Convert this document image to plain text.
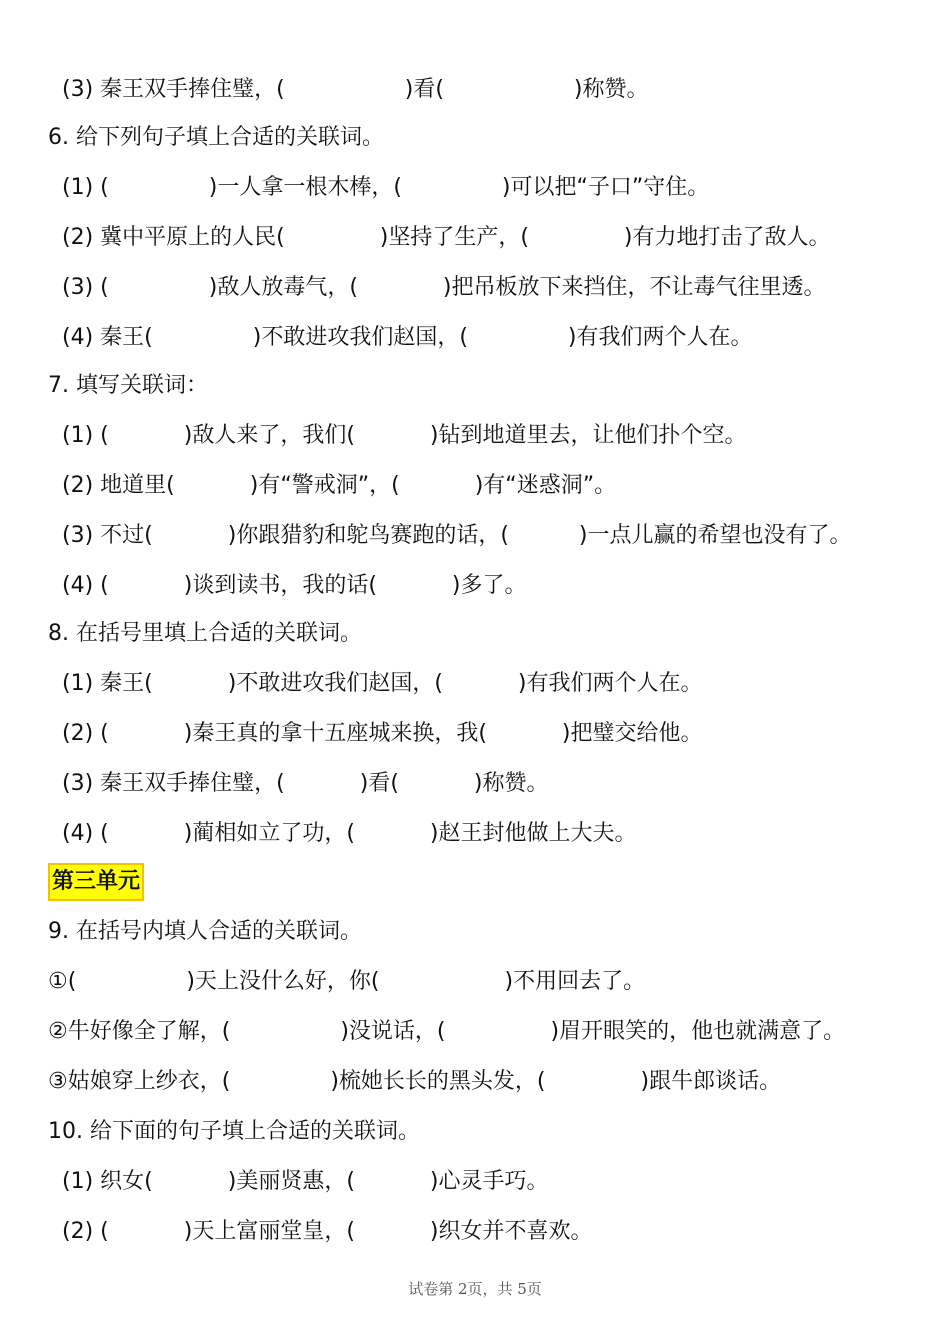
(3) 秦王双手捧住璧，(	)看(	)称赞。
6. 给下列句子填上合适的关联词。
(1) (	)一人拿一根木棒，(	)可以把“子口”守住。
(2) 冀中平原上的人民(	)坚持了生产，(	)有力地打击了敌人。
(3) (	)敌人放毒气，(	)把吊板放下来挡住，不让毒气往里透。
(4) 秦王(	)不敢进攻我们赵国，(	)有我们两个人在。
7. 填写关联词：
(1) (	)敌人来了，我们(	)钻到地道里去，让他们扑个空。
(2) 地道里(	)有“警戒洞”，(	)有“迷惑洞”。
(3) 不过(	)你跟猎豹和鸵鸟赛跑的话，(	)一点儿赢的希望也没有了。
(4) (	)谈到读书，我的话(	)多了。
8. 在括号里填上合适的关联词。
(1) 秦王(	)不敢进攻我们赵国，(	)有我们两个人在。
(2) (	)秦王真的拿十五座城来换，我(	)把璧交给他。
(3) 秦王双手捧住璧，(	)看(	)称赞。
(4) (	)蔺相如立了功，(	)赵王封他做上大夫。
第三单元
9. 在括号内填人合适的关联词。
①(	)天上没什么好，你(	)不用回去了。
②牛好像全了解，(	)没说话，(	)眉开眼笑的，他也就满意了。
③姑娘穿上纱衣，(	)梳她长长的黑头发，(	)跟牛郎谈话。
10. 给下面的句子填上合适的关联词。
(1) 织女(	)美丽贤惠，(	)心灵手巧。
(2) (	)天上富丽堂皇，(	)织女并不喜欢。
试卷第 2页，共 5页
